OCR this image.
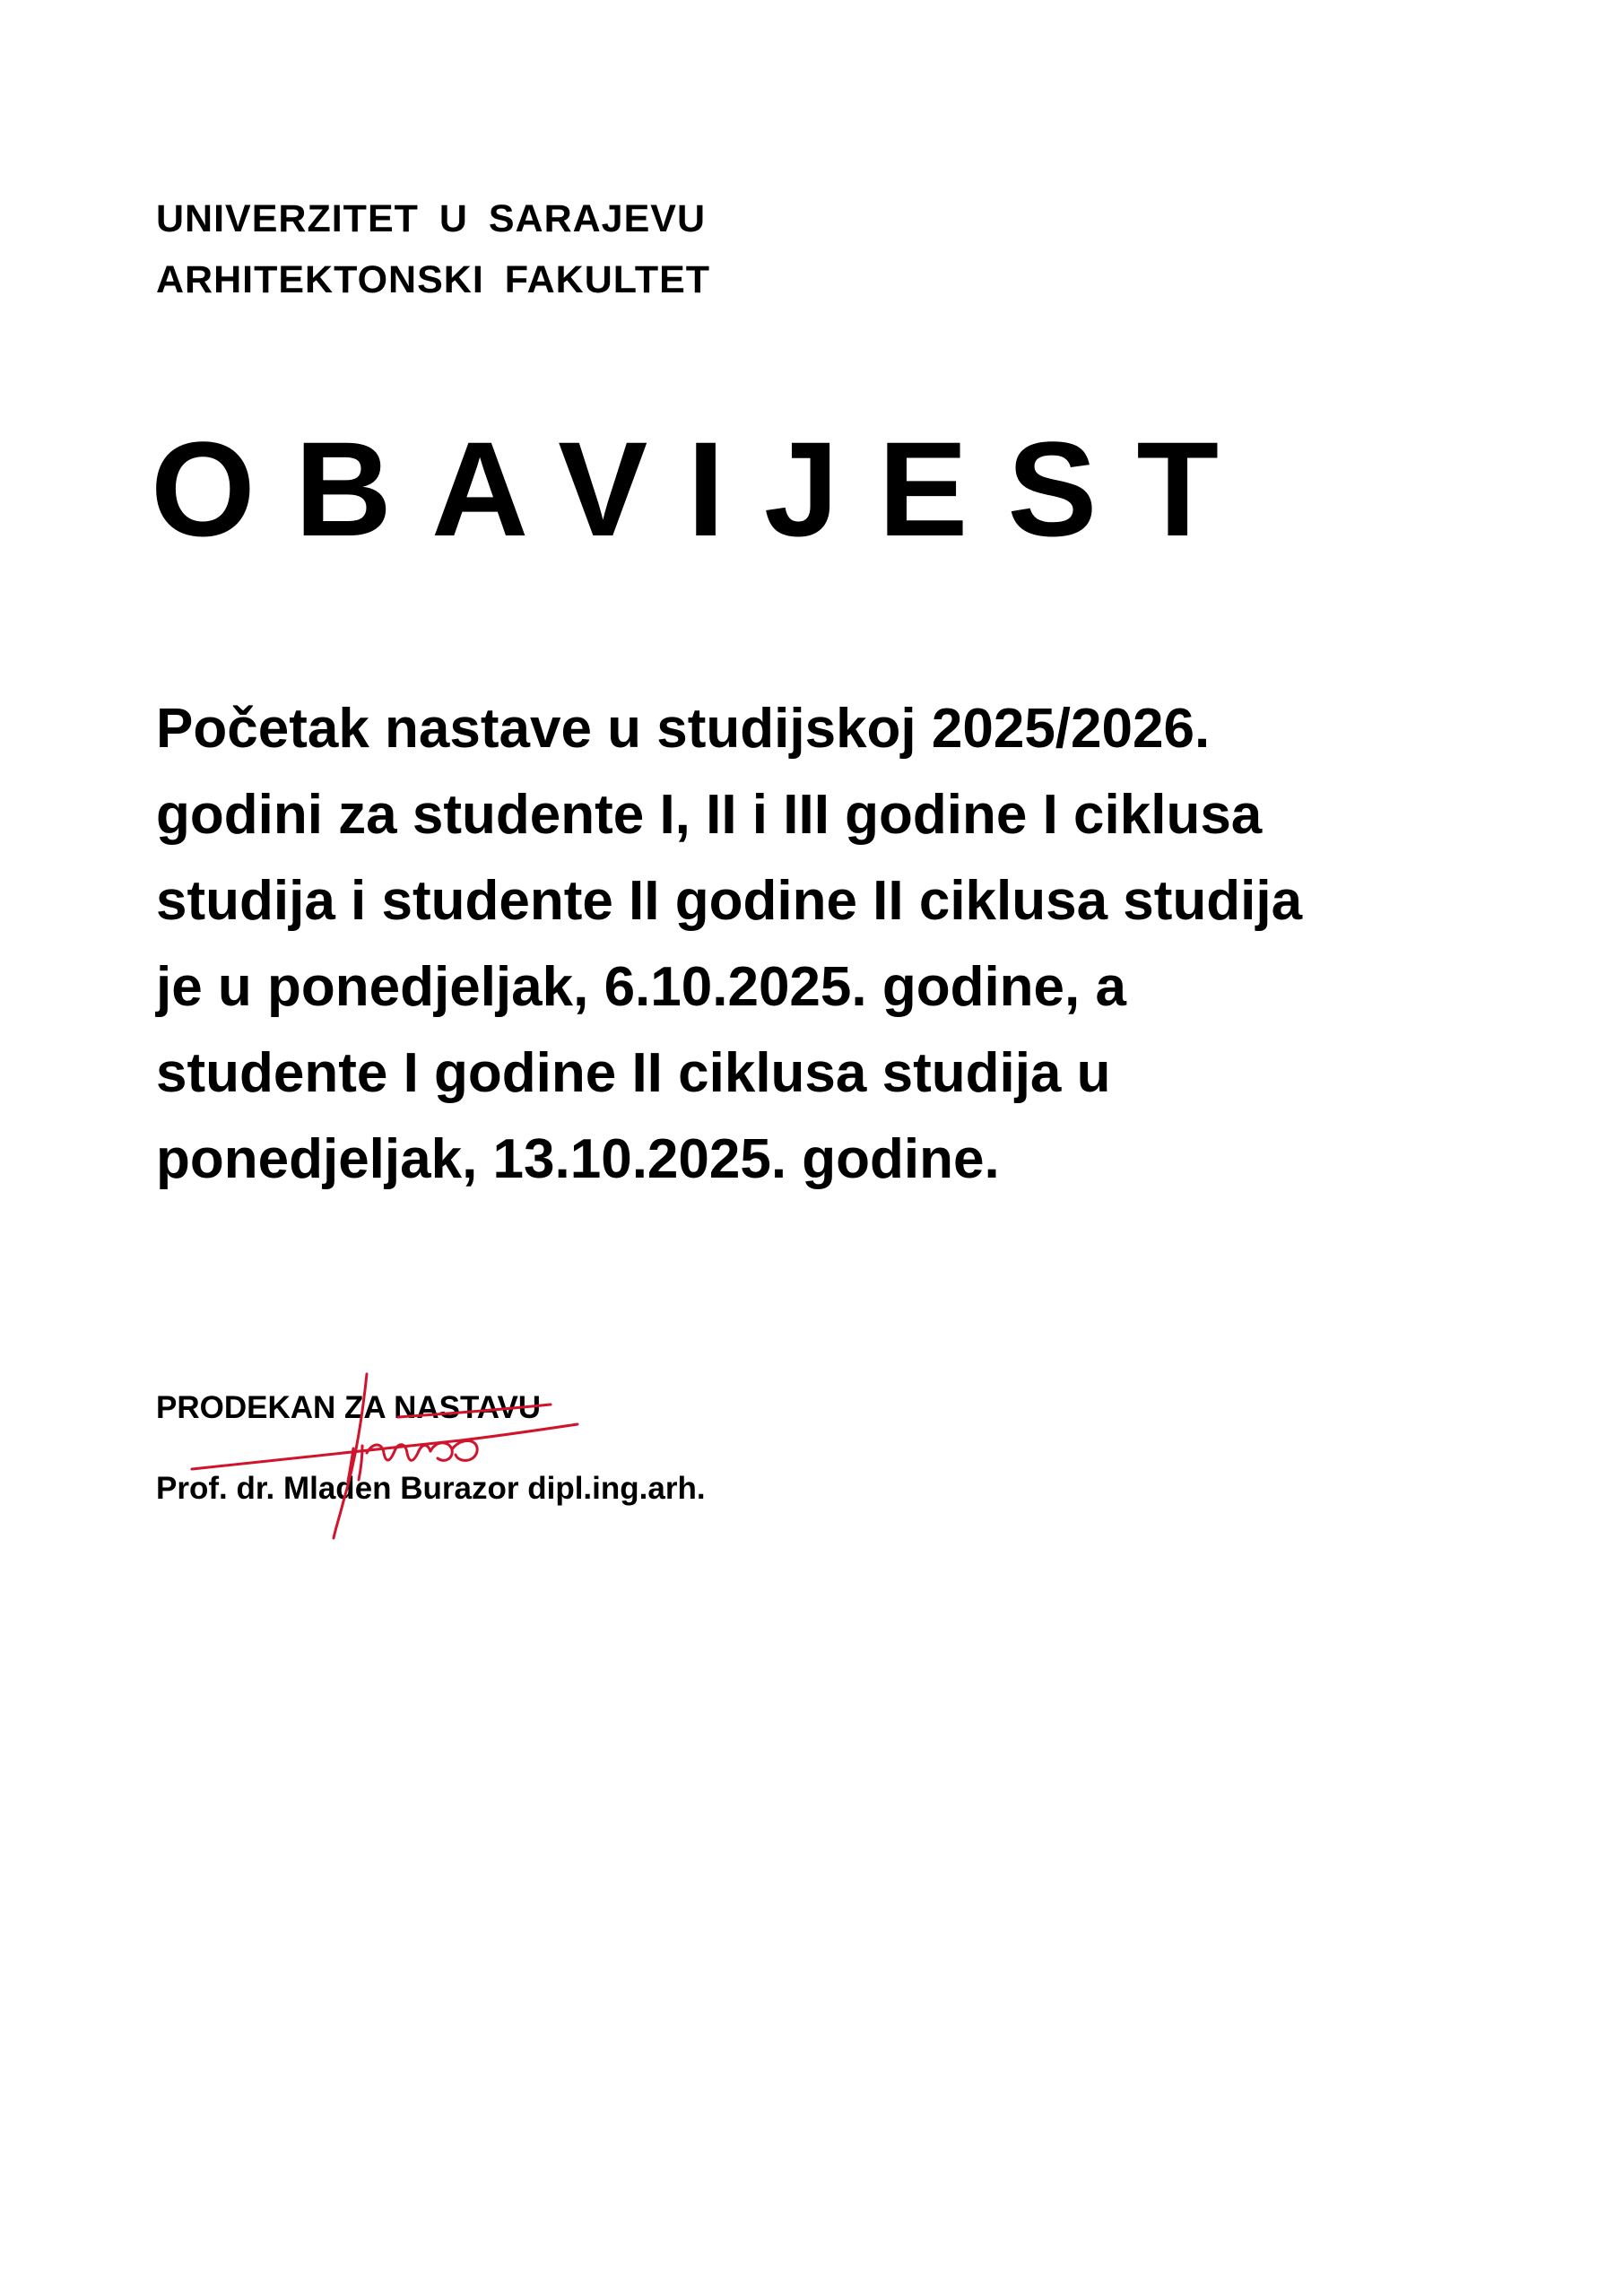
UNIVERZITET U SARAJEVU
ARHITEKTONSKI FAKULTET
OBAVIJEST
Početak nastave u studijskoj 2025/2026.
godini za studente I, II i III godine I ciklusa
studija i studente II godine II ciklusa studija
je u ponedjeljak, 6.10.2025. godine, a
studente I godine II ciklusa studija u
ponedjeljak, 13.10.2025. godine.
PRODEKAN ZA NASTAVU
Prof. dr. Mladen Burazor dipl.ing.arh.
